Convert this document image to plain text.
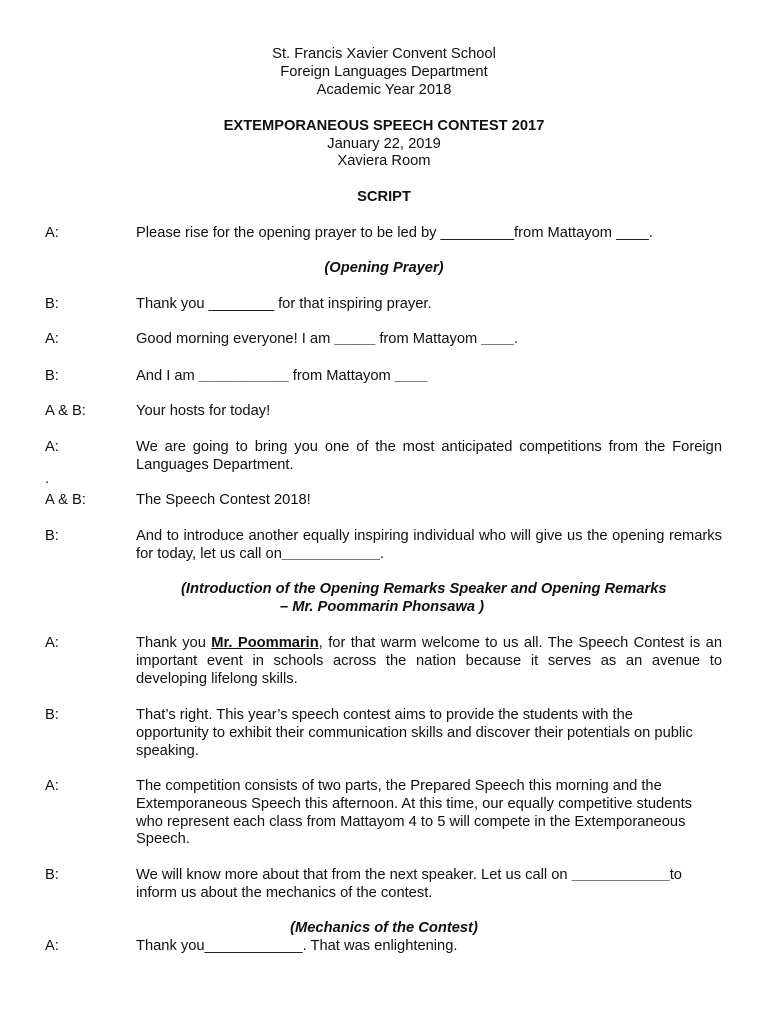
St. Francis Xavier Convent School
Foreign Languages Department
Academic Year 2018
EXTEMPORANEOUS SPEECH CONTEST 2017
January 22, 2019
Xaviera Room
SCRIPT
A:	Please rise for the opening prayer to be led by _________from Mattayom ____.
(Opening Prayer)
B:	Thank you ________ for that inspiring prayer.
A:	Good morning everyone! I am _____ from Mattayom ____.
B:	And I am ___________ from Mattayom ____
A & B:	Your hosts for today!
A:	We are going to bring you one of the most anticipated competitions from the Foreign
Languages Department.
.
A & B:	The Speech Contest 2018!
B:	And to introduce another equally inspiring individual who will give us the opening remarks
for today, let us call on____________.
(Introduction of the Opening Remarks Speaker and Opening Remarks
– Mr. Poommarin Phonsawa )
A:	Thank you Mr. Poommarin, for that warm welcome to us all. The Speech Contest is an
important event in schools across the nation because it serves as an avenue to
developing lifelong skills.
B:	That’s right. This year’s speech contest aims to provide the students with the
opportunity to exhibit their communication skills and discover their potentials on public
speaking.
A:	The competition consists of two parts, the Prepared Speech this morning and the
Extemporaneous Speech this afternoon. At this time, our equally competitive students
who represent each class from Mattayom 4 to 5 will compete in the Extemporaneous
Speech.
B:	We will know more about that from the next speaker. Let us call on ____________to
inform us about the mechanics of the contest.
(Mechanics of the Contest)
A:	Thank you____________. That was enlightening.
